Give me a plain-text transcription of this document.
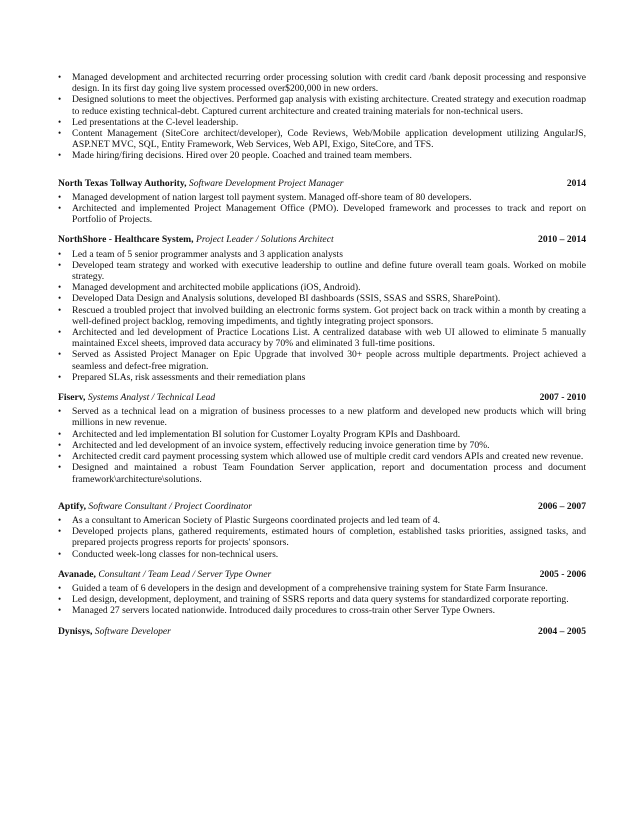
• Managed development and architected recurring order processing solution with credit card /bank deposit processing and responsive design. In its first day going live system processed over$200,000 in new orders.
• Designed solutions to meet the objectives. Performed gap analysis with existing architecture. Created strategy and execution roadmap to reduce existing technical-debt. Captured current architecture and created training materials for non-technical users.
• Led presentations at the C-level leadership.
• Content Management (SiteCore architect/developer), Code Reviews, Web/Mobile application development utilizing AngularJS, ASP.NET MVC, SQL, Entity Framework, Web Services, Web API, Exigo, SiteCore, and TFS.
• Made hiring/firing decisions. Hired over 20 people. Coached and trained team members.
North Texas Tollway Authority, Software Development Project Manager	2014
• Managed development of nation largest toll payment system. Managed off-shore team of 80 developers.
• Architected and implemented Project Management Office (PMO). Developed framework and processes to track and report on Portfolio of Projects.
NorthShore - Healthcare System, Project Leader / Solutions Architect	2010 – 2014
• Led a team of 5 senior programmer analysts and 3 application analysts
• Developed team strategy and worked with executive leadership to outline and define future overall team goals. Worked on mobile strategy.
• Managed development and architected mobile applications (iOS, Android).
• Developed Data Design and Analysis solutions, developed BI dashboards (SSIS, SSAS and SSRS, SharePoint).
• Rescued a troubled project that involved building an electronic forms system. Got project back on track within a month by creating a well-defined project backlog, removing impediments, and tightly integrating project sponsors.
• Architected and led development of Practice Locations List. A centralized database with web UI allowed to eliminate 5 manually maintained Excel sheets, improved data accuracy by 70% and eliminated 3 full-time positions.
• Served as Assisted Project Manager on Epic Upgrade that involved 30+ people across multiple departments. Project achieved a seamless and defect-free migration.
• Prepared SLAs, risk assessments and their remediation plans
Fiserv, Systems Analyst / Technical Lead	2007 - 2010
• Served as a technical lead on a migration of business processes to a new platform and developed new products which will bring millions in new revenue.
• Architected and led implementation BI solution for Customer Loyalty Program KPIs and Dashboard.
• Architected and led development of an invoice system, effectively reducing invoice generation time by 70%.
• Architected credit card payment processing system which allowed use of multiple credit card vendors APIs and created new revenue.
• Designed and maintained a robust Team Foundation Server application, report and documentation process and document framework\architecture\solutions.
Aptify, Software Consultant / Project Coordinator	2006 – 2007
• As a consultant to American Society of Plastic Surgeons coordinated projects and led team of 4.
• Developed projects plans, gathered requirements, estimated hours of completion, established tasks priorities, assigned tasks, and prepared projects progress reports for projects' sponsors.
• Conducted week-long classes for non-technical users.
Avanade, Consultant / Team Lead / Server Type Owner	2005 - 2006
• Guided a team of 6 developers in the design and development of a comprehensive training system for State Farm Insurance.
• Led design, development, deployment, and training of SSRS reports and data query systems for standardized corporate reporting.
• Managed 27 servers located nationwide. Introduced daily procedures to cross-train other Server Type Owners.
Dynisys, Software Developer	2004 – 2005
